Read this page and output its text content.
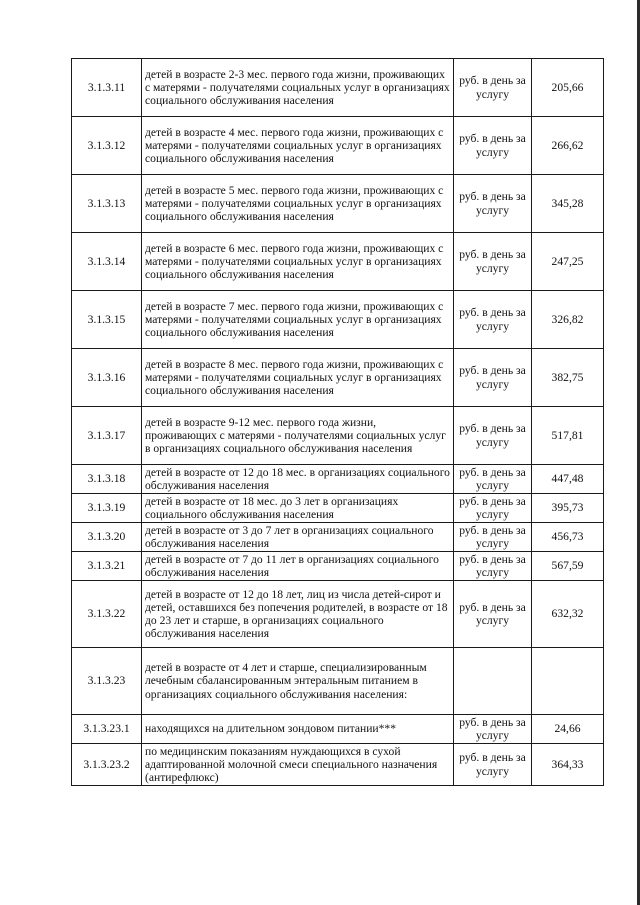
3.1.3.11	детей в возрасте 2-3 мес. первого года жизни, проживающих с матерями - получателями социальных услуг в организациях социального обслуживания населения	руб. в день за услугу	205,66
3.1.3.12	детей в возрасте 4 мес. первого года жизни, проживающих с матерями - получателями социальных услуг в организациях социального обслуживания населения	руб. в день за услугу	266,62
3.1.3.13	детей в возрасте 5 мес. первого года жизни, проживающих с матерями - получателями социальных услуг в организациях социального обслуживания населения	руб. в день за услугу	345,28
3.1.3.14	детей в возрасте 6 мес. первого года жизни, проживающих с матерями - получателями социальных услуг в организациях социального обслуживания населения	руб. в день за услугу	247,25
3.1.3.15	детей в возрасте 7 мес. первого года жизни, проживающих с матерями - получателями социальных услуг в организациях социального обслуживания населения	руб. в день за услугу	326,82
3.1.3.16	детей в возрасте 8 мес. первого года жизни, проживающих с матерями - получателями социальных услуг в организациях социального обслуживания населения	руб. в день за услугу	382,75
3.1.3.17	детей в возрасте 9-12 мес. первого года жизни, проживающих с матерями - получателями социальных услуг в организациях социального обслуживания населения	руб. в день за услугу	517,81
3.1.3.18	детей в возрасте от 12 до 18 мес. в организациях социального обслуживания населения	руб. в день за услугу	447,48
3.1.3.19	детей в возрасте от 18 мес. до 3 лет в организациях социального обслуживания населения	руб. в день за услугу	395,73
3.1.3.20	детей в возрасте от 3 до 7 лет в организациях социального обслуживания населения	руб. в день за услугу	456,73
3.1.3.21	детей в возрасте от 7 до 11 лет в организациях социального обслуживания населения	руб. в день за услугу	567,59
3.1.3.22	детей в возрасте от 12 до 18 лет, лиц из числа детей-сирот и детей, оставшихся без попечения родителей, в возрасте от 18 до 23 лет и старше, в организациях социального обслуживания населения	руб. в день за услугу	632,32
3.1.3.23	детей в возрасте от 4 лет и старше, специализированным лечебным сбалансированным энтеральным питанием в организациях социального обслуживания населения:		
3.1.3.23.1	находящихся на длительном зондовом питании***	руб. в день за услугу	24,66
3.1.3.23.2	по медицинским показаниям нуждающихся в сухой адаптированной молочной смеси специального назначения (антирефлюкс)	руб. в день за услугу	364,33
